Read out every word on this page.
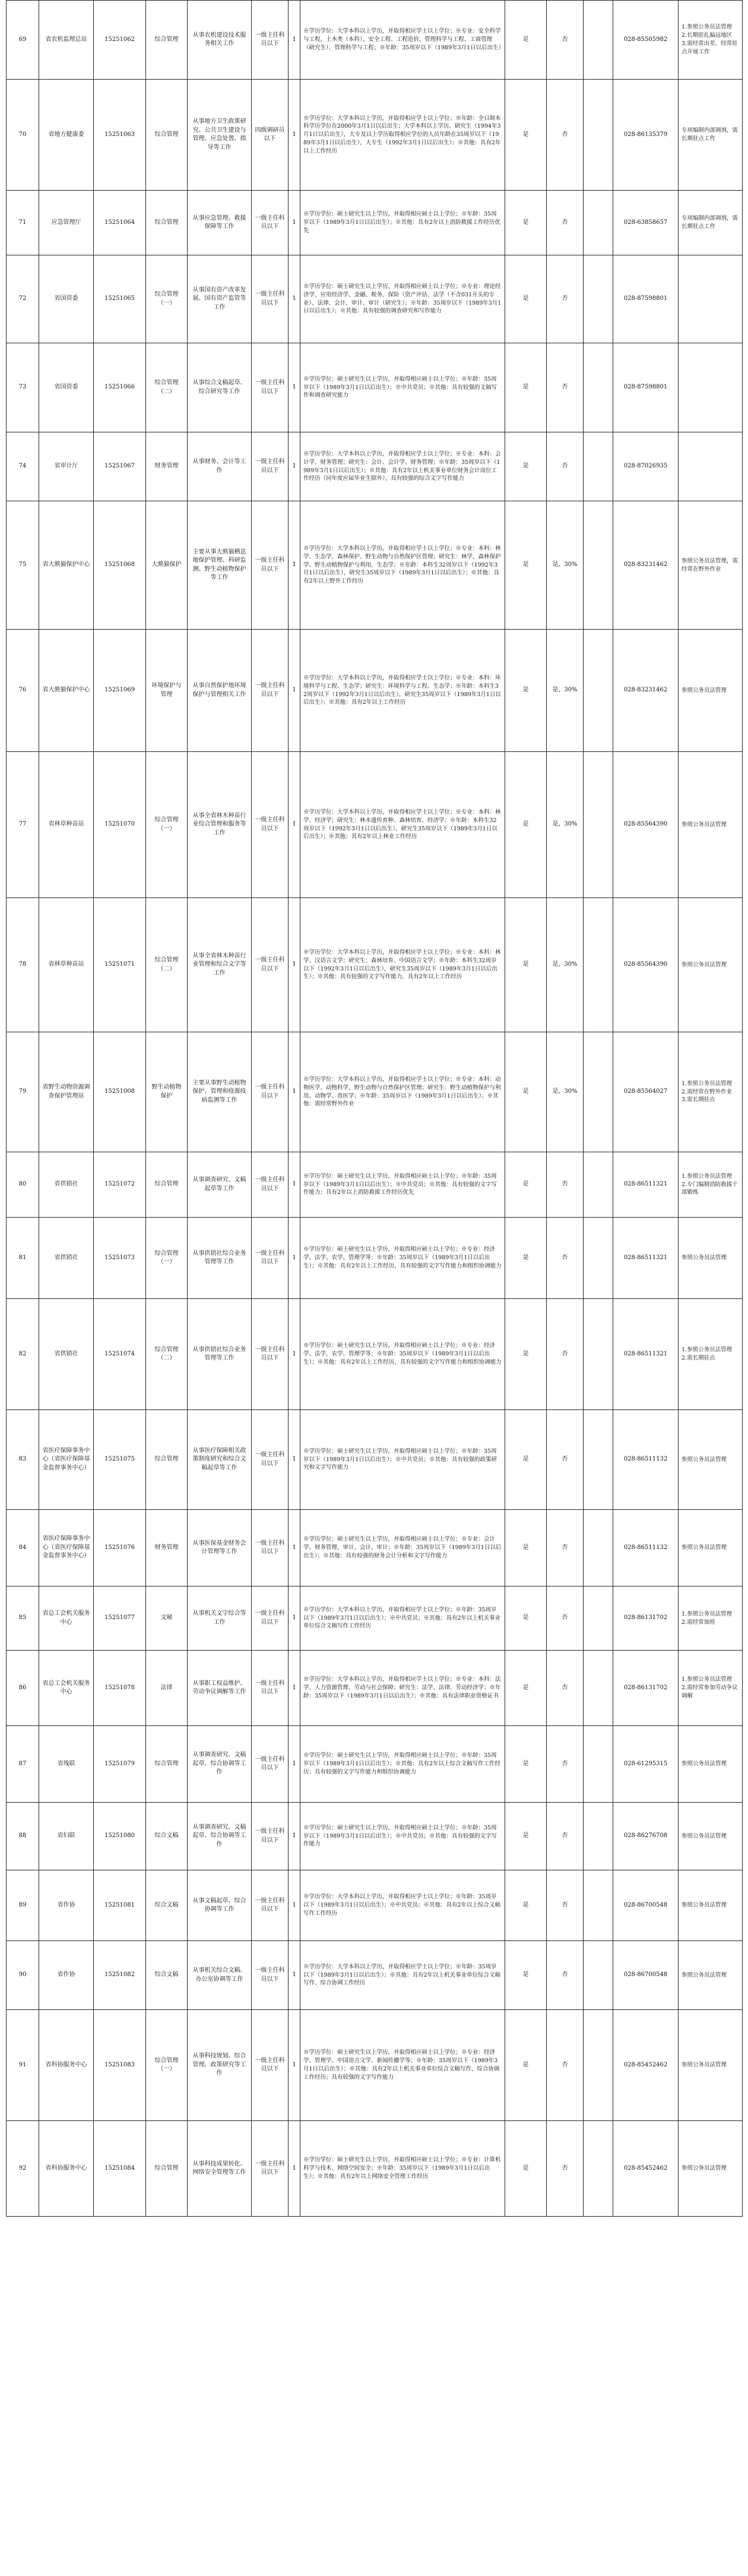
69	省农机监理总站	15251062	综合管理	从事农机建设技术服务相关工作	一级主任科员以下	1	※学历学位：大学本科以上学历，并取得相应学士以上学位；※专业：安全科学与工程、土木类（本科）、安全工程、工程造价、管理科学与工程、工商管理（研究生）、管理科学与工程；※年龄：35周岁以下（1989年3月1日以后出生）	是	否		028-85505982	1.参照公务员法管理 2.长期驻扎偏远地区 3.需经常出差、经常驻点开展工作
70	省地方健康委	15251063	综合管理	从事地方卫生政策研究、公共卫生建设与管理、应急处置、指导等工作	四级调研员以下	1	※学历学位：大学本科以上学历，并取得相应学士以上学位；※年龄：全日制本科学历学位在2000年3月1日以后出生；大学本科以上学历、研究生（1994年3月1日以后出生），大专及以上学历取得相应学位的人员年龄在35周岁以下（1989年3月1日以后出生），大专生（1992年3月1日以后出生）；※其他：具有2年以上工作经历	是	否		028-86135379	专项编制内部调剂，需长期驻点工作
71	应急管理厅	15251064	综合管理	从事应急管理、救援保障等工作	一级主任科员以下	1	※学历学位：硕士研究生以上学历，并取得相应硕士以上学位；※年龄：35周岁以下（1989年3月1日以后出生）；※其他：具有2年以上消防救援工作经历优先	是	否		028-63858657	专项编制内部调剂，需长期驻点工作
72	省国资委	15251065	综合管理（一）	从事国有资产改革发展、国有资产监管等工作	一级主任科员以下	1	※学历学位：硕士研究生以上学历，并取得相应硕士以上学位；※专业：理论经济学、应用经济学、金融、税务、保险（资产评估、法学（不含031开头的专业）、法律、会计、审计、审计（研究生）；※年龄：35周岁以下（1989年3月1日以后出生）；※其他：具有较强的调查研究和写作能力	是	否		028-87598801	
73	省国资委	15251066	综合管理（二）	从事综合文稿起草、综合研究等工作	一级主任科员以下	1	※学历学位：硕士研究生以上学历，并取得相应硕士以上学位；※年龄：35周岁以下（1989年3月1日以后出生）；※中共党员；※其他：具有较强的文稿写作和调查研究能力	是	否		028-87598801	
74	省审计厅	15251067	财务管理	从事财务、会计等工作	一级主任科员以下	1	※学历学位：大学本科以上学历，并取得相应学士以上学位；※专业：本科：会计学、财务管理；研究生：会计、会计学、财务管理；※年龄：35周岁以下（1989年3月1日以后出生）；※其他：具有2年以上机关事业单位财务会计岗位工作经历（同年度应届毕业生除外），具有较强的综合文字写作能力	是	否		028-87026935	
75	省大熊猫保护中心	15251068	大熊猫保护	主要从事大熊猫栖息地保护管理、科研监测、野生动植物保护等工作	一级主任科员以下	1	※学历学位：大学本科以上学历，并取得相应学士以上学位；※专业：本科：林学、生态学、森林保护、野生动物与自然保护区管理；研究生：林学、森林保护学、野生动植物保护与利用、生态学；※年龄：本科生32周岁以下（1992年3月1日以后出生），研究生35周岁以下（1989年3月1日以后出生）；※其他：具有2年以上野外工作经历	是	是，30%		028-83231462	参照公务员法管理，需经常在野外作业
76	省大熊猫保护中心	15251069	环境保护与管理	从事自然保护地环境保护与管理相关工作	一级主任科员以下	1	※学历学位：大学本科以上学历，并取得相应学士以上学位；※专业：本科：环境科学与工程、生态学；研究生：环境科学与工程、生态学；※年龄：本科生32周岁以下（1992年3月1日以后出生），研究生35周岁以下（1989年3月1日以后出生）；※其他：具有2年以上工作经历	是	是，30%		028-83231462	参照公务员法管理
77	省林草种苗站	15251070	综合管理（一）	从事全省林木种苗行业综合管理和服务等工作	一级主任科员以下	1	※学历学位：大学本科以上学历，并取得相应学士以上学位；※专业：本科：林学、经济学；研究生：林木遗传育种、森林培育、经济学；※年龄：本科生32周岁以下（1992年3月1日以后出生），研究生35周岁以下（1989年3月1日以后出生）；※其他：具有2年以上林业工作经历	是	是，30%		028-85564390	参照公务员法管理
78	省林草种苗站	15251071	综合管理（二）	从事全省林木种苗行业管理和综合文字等工作	一级主任科员以下	1	※学历学位：大学本科以上学历，并取得相应学士以上学位；※专业：本科：林学、汉语言文学；研究生：森林培育、中国语言文学；※年龄：本科生32周岁以下（1992年3月1日以后出生），研究生35周岁以下（1989年3月1日以后出生）；※其他：具有较强的文字写作能力，具有2年以上工作经历	是	是，30%		028-85564390	参照公务员法管理
79	省野生动物资源调查保护管理站	15251008	野生动植物保护	主要从事野生动植物保护、管理和疫源疫病监测等工作	一级主任科员以下	1	※学历学位：大学本科以上学历，并取得相应学士以上学位；※专业：本科：动物医学、动物科学、野生动物与自然保护区管理；研究生：野生动植物保护与利用、动物学、兽医学；※年龄：35周岁以下（1989年3月1日以后出生）；※其他：需经常野外作业	是	是，30%		028-85564027	1.参照公务员法管理 2.需经常在野外作业 3.需长期驻点
80	省供销社	15251072	综合管理	从事调查研究、文稿起草等工作	一级主任科员以下	1	※学历学位：硕士研究生以上学历，并取得相应硕士以上学位；※年龄：35周岁以下（1989年3月1日以后出生）；※中共党员；※其他：具有较强的文字写作能力；具有2年以上消防救援工作经历优先	是	否		028-86511321	1.参照公务员法管理 2.专门编制消防救援干部锻炼
81	省供销社	15251073	综合管理（一）	从事供销社综合业务管理等工作	一级主任科员以下	1	※学历学位：硕士研究生以上学历，并取得相应硕士以上学位；※专业：经济学、法学、农学、管理学等；※年龄：35周岁以下（1989年3月1日以后出生）；※其他：具有2年以上工作经历，具有较强的文字写作能力和组织协调能力	是	否		028-86511321	参照公务员法管理
82	省供销社	15251074	综合管理（二）	从事供销社综合业务管理等工作	一级主任科员以下	1	※学历学位：硕士研究生以上学历，并取得相应硕士以上学位；※专业：经济学、法学、农学、管理学等；※年龄：35周岁以下（1989年3月1日以后出生）；※其他：具有2年以上工作经历，具有较强的文字写作能力和组织协调能力	是	否		028-86511321	1.参照公务员法管理 2.需长期驻点
83	省医疗保障事务中心（省医疗保障基金监督事务中心）	15251075	综合管理	从事医疗保障相关政策制度研究和综合文稿起草等工作	一级主任科员以下	1	※学历学位：硕士研究生以上学历，并取得相应硕士以上学位；※年龄：35周岁以下（1989年3月1日以后出生）；※中共党员；※其他：具有较强的政策研究和文字写作能力	是	否		028-86511132	参照公务员法管理
84	省医疗保障事务中心（省医疗保障基金监督事务中心）	15251076	财务管理	从事医保基金财务会计管理等工作	一级主任科员以下	1	※学历学位：硕士研究生以上学历，并取得相应硕士以上学位；※专业：会计学、财务管理、审计、会计、审计；※年龄：35周岁以下（1989年3月1日以后出生）；※其他：具有较强的财务会计分析和文字写作能力	是	否		028-86511132	参照公务员法管理
85	省总工会机关服务中心	15251077	文秘	从事机关文字综合等工作	一级主任科员以下	1	※学历学位：大学本科以上学历，并取得相应学士以上学位；※年龄：35周岁以下（1989年3月1日以后出生）；※中共党员；※其他：具有2年以上机关事业单位综合文稿写作工作经历	是	否		028-86131702	1.参照公务员法管理 2.需经常加班
86	省总工会机关服务中心	15251078	法律	从事职工权益维护、劳动争议调解等工作	一级主任科员以下	1	※学历学位：大学本科以上学历，并取得相应学士以上学位；※专业：本科：法学、人力资源管理、劳动与社会保障；研究生：法学、法律、劳动经济学；※年龄：35周岁以下（1989年3月1日以后出生）；※其他：具有法律职业资格证书	是	否		028-86131702	1.参照公务员法管理 2.需经常参加劳动争议调解
87	省残联	15251079	综合管理	从事调查研究、文稿起草、综合协调等工作	一级主任科员以下	1	※学历学位：硕士研究生以上学历，并取得相应硕士以上学位；※年龄：35周岁以下（1989年3月1日以后出生）；※其他：具有2年以上综合文稿写作工作经历；具有较强的文字写作能力和组织协调能力	是	否		028-61295315	参照公务员法管理
88	省妇联	15251080	综合文稿	从事调查研究、文稿起草、综合协调等工作	一级主任科员以下	1	※学历学位：硕士研究生以上学历，并取得相应硕士以上学位；※年龄：35周岁以下（1989年3月1日以后出生）；※中共党员；※其他：具有较强的文字写作能力	是	否		028-86276708	参照公务员法管理
89	省作协	15251081	综合文稿	从事文稿起草、综合协调等工作	一级主任科员以下	1	※学历学位：大学本科以上学历，并取得相应学士以上学位；※年龄：35周岁以下（1989年3月1日以后出生）；※中共党员；※其他：具有2年以上综合文稿写作工作经历	是	否		028-86700548	参照公务员法管理
90	省作协	15251082	综合文稿	从事机关综合文稿、办公室协调等工作	一级主任科员以下	1	※学历学位：大学本科以上学历，并取得相应学士以上学位；※年龄：35周岁以下（1989年3月1日以后出生）；※其他：具有2年以上机关事业单位综合文稿写作、综合协调工作经历	是	否		028-86700548	参照公务员法管理
91	省科协服务中心	15251083	综合管理（一）	从事科技规划、综合管理、政策研究等工作	一级主任科员以下	1	※学历学位：硕士研究生以上学历，并取得相应硕士以上学位；※专业：经济学、管理学、中国语言文学、新闻传播学等；※年龄：35周岁以下（1989年3月1日以后出生）；※其他：具有2年以上机关事业单位综合文稿写作、综合协调工作经历；具有较强的文字写作能力	是	否		028-85452462	参照公务员法管理
92	省科协服务中心	15251084	综合管理	从事科技成果转化、网络安全管理等工作	一级主任科员以下	1	※学历学位：硕士研究生以上学历，并取得相应硕士以上学位；※专业：计算机科学与技术、网络空间安全；※年龄：35周岁以下（1989年3月1日以后出生）；※其他：具有2年以上网络安全管理工作经历	是	否		028-85452462	参照公务员法管理
